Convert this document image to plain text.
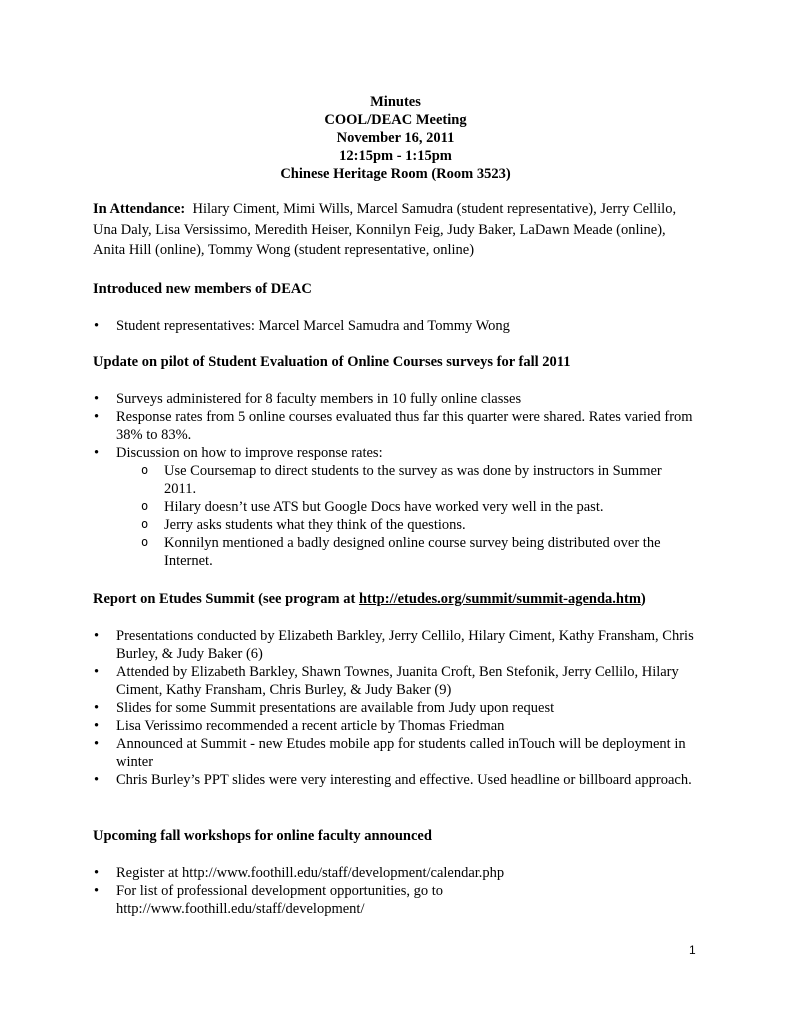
Minutes
COOL/DEAC Meeting
November 16, 2011
12:15pm - 1:15pm
Chinese Heritage Room (Room 3523)
In Attendance: Hilary Ciment, Mimi Wills, Marcel Samudra (student representative), Jerry Cellilo, Una Daly, Lisa Versissimo, Meredith Heiser, Konnilyn Feig, Judy Baker, LaDawn Meade (online), Anita Hill (online), Tommy Wong (student representative, online)
Introduced new members of DEAC
• Student representatives: Marcel Marcel Samudra and Tommy Wong
Update on pilot of Student Evaluation of Online Courses surveys for fall 2011
• Surveys administered for 8 faculty members in 10 fully online classes
• Response rates from 5 online courses evaluated thus far this quarter were shared. Rates varied from 38% to 83%.
• Discussion on how to improve response rates:
o Use Coursemap to direct students to the survey as was done by instructors in Summer 2011.
o Hilary doesn’t use ATS but Google Docs have worked very well in the past.
o Jerry asks students what they think of the questions.
o Konnilyn mentioned a badly designed online course survey being distributed over the Internet.
Report on Etudes Summit (see program at http://etudes.org/summit/summit-agenda.htm)
• Presentations conducted by Elizabeth Barkley, Jerry Cellilo, Hilary Ciment, Kathy Fransham, Chris Burley, & Judy Baker (6)
• Attended by Elizabeth Barkley, Shawn Townes, Juanita Croft, Ben Stefonik, Jerry Cellilo, Hilary Ciment, Kathy Fransham, Chris Burley, & Judy Baker (9)
• Slides for some Summit presentations are available from Judy upon request
• Lisa Verissimo recommended a recent article by Thomas Friedman
• Announced at Summit - new Etudes mobile app for students called inTouch will be deployment in winter
• Chris Burley’s PPT slides were very interesting and effective. Used headline or billboard approach.
Upcoming fall workshops for online faculty announced
• Register at http://www.foothill.edu/staff/development/calendar.php
• For list of professional development opportunities, go to http://www.foothill.edu/staff/development/
1
